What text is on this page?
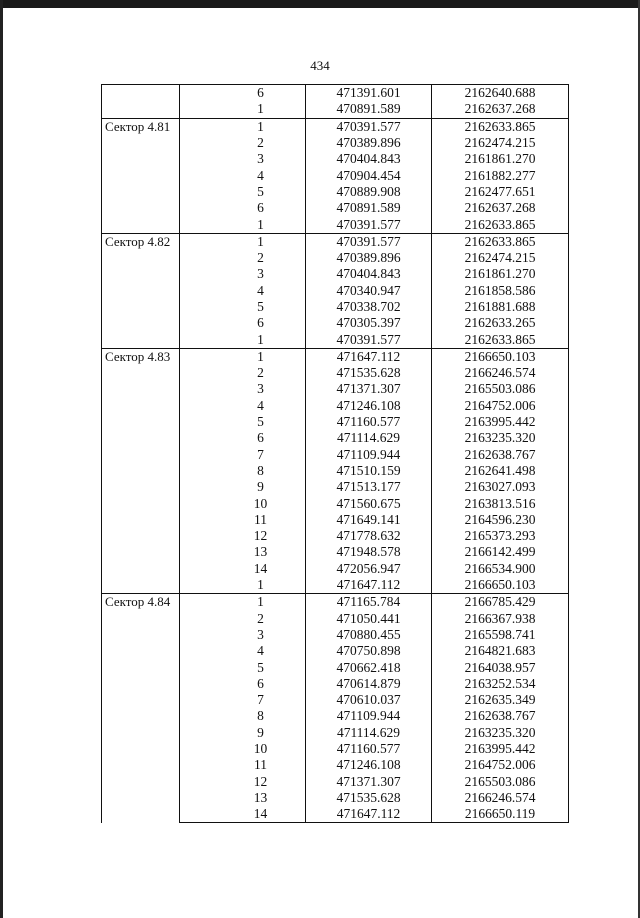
434
	6	471391.601	2162640.688
	1	470891.589	2162637.268
Сектор 4.81	1	470391.577	2162633.865
	2	470389.896	2162474.215
	3	470404.843	2161861.270
	4	470904.454	2161882.277
	5	470889.908	2162477.651
	6	470891.589	2162637.268
	1	470391.577	2162633.865
Сектор 4.82	1	470391.577	2162633.865
	2	470389.896	2162474.215
	3	470404.843	2161861.270
	4	470340.947	2161858.586
	5	470338.702	2161881.688
	6	470305.397	2162633.265
	1	470391.577	2162633.865
Сектор 4.83	1	471647.112	2166650.103
	2	471535.628	2166246.574
	3	471371.307	2165503.086
	4	471246.108	2164752.006
	5	471160.577	2163995.442
	6	471114.629	2163235.320
	7	471109.944	2162638.767
	8	471510.159	2162641.498
	9	471513.177	2163027.093
	10	471560.675	2163813.516
	11	471649.141	2164596.230
	12	471778.632	2165373.293
	13	471948.578	2166142.499
	14	472056.947	2166534.900
	1	471647.112	2166650.103
Сектор 4.84	1	471165.784	2166785.429
	2	471050.441	2166367.938
	3	470880.455	2165598.741
	4	470750.898	2164821.683
	5	470662.418	2164038.957
	6	470614.879	2163252.534
	7	470610.037	2162635.349
	8	471109.944	2162638.767
	9	471114.629	2163235.320
	10	471160.577	2163995.442
	11	471246.108	2164752.006
	12	471371.307	2165503.086
	13	471535.628	2166246.574
	14	471647.112	2166650.119
